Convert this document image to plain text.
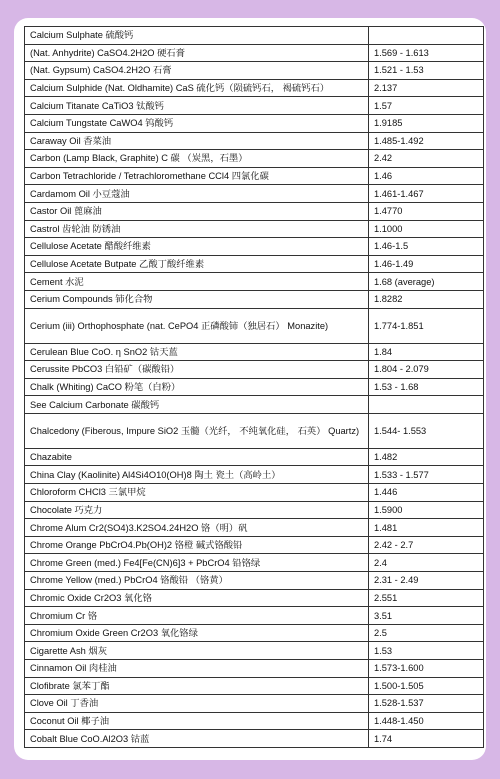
Calcium Sulphate 硫酸钙	
(Nat. Anhydrite) CaSO4.2H2O 硬石膏	1.569 - 1.613
(Nat. Gypsum) CaSO4.2H2O 石膏	1.521 - 1.53
Calcium Sulphide (Nat. Oldhamite) CaS 硫化钙（陨硫钙石， 褐硫钙石）	2.137
Calcium Titanate CaTiO3 钛酸钙	1.57
Calcium Tungstate CaWO4 钨酸钙	1.9185
Caraway Oil 香菜油	1.485-1.492
Carbon (Lamp Black, Graphite) C 碳 （炭黑，石墨）	2.42
Carbon Tetrachloride / Tetrachloromethane CCl4 四氯化碳	1.46
Cardamom Oil 小豆蔻油	1.461-1.467
Castor Oil 蓖麻油	1.4770
Castrol 齿轮油 防锈油	1.1000
Cellulose Acetate 醋酸纤维素	1.46-1.5
Cellulose Acetate Butpate 乙酸丁酸纤维素	1.46-1.49
Cement 水泥	1.68 (average)
Cerium Compounds 铈化合物	1.8282
Cerium (iii) Orthophosphate (nat. CePO4 正磷酸铈（独居石） Monazite)	1.774-1.851
Cerulean Blue CoO. η SnO2 钴天蓝	1.84
Cerussite PbCO3 白铅矿（碳酸铅）	1.804 - 2.079
Chalk (Whiting) CaCO 粉笔（白粉）	1.53 - 1.68
See Calcium Carbonate 碳酸钙	
Chalcedony (Fiberous, Impure SiO2 玉髓（光纤， 不纯氧化硅， 石英） Quartz)	1.544- 1.553
Chazabite	1.482
China Clay (Kaolinite) Al4Si4O10(OH)8 陶土 瓷土（高岭土）	1.533 - 1.577
Chloroform CHCl3 三氯甲烷	1.446
Chocolate 巧克力	1.5900
Chrome Alum Cr2(SO4)3.K2SO4.24H2O 铬（明）矾	1.481
Chrome Orange PbCrO4.Pb(OH)2 铬橙 碱式铬酸铅	2.42 - 2.7
Chrome Green (med.) Fe4[Fe(CN)6]3 + PbCrO4 铅铬绿	2.4
Chrome Yellow (med.) PbCrO4 铬酸铅 （铬黄）	2.31 - 2.49
Chromic Oxide Cr2O3 氧化铬	2.551
Chromium Cr 铬	3.51
Chromium Oxide Green Cr2O3 氧化铬绿	2.5
Cigarette Ash 烟灰	1.53
Cinnamon Oil 肉桂油	1.573-1.600
Clofibrate 氯苯丁酯	1.500-1.505
Clove Oil 丁香油	1.528-1.537
Coconut Oil 椰子油	1.448-1.450
Cobalt Blue CoO.Al2O3 钴蓝	1.74
